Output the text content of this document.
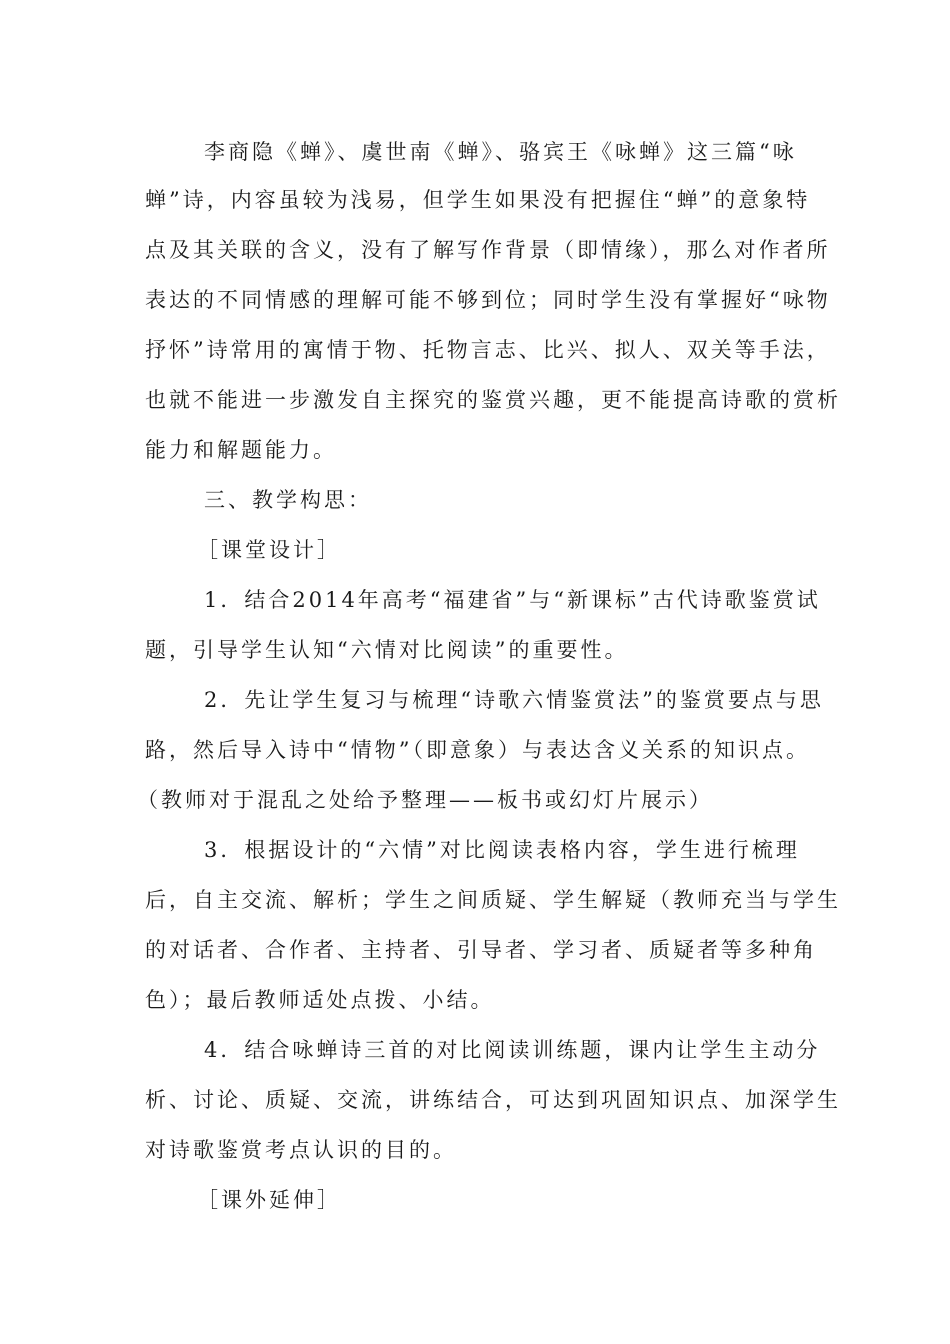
李商隐《蝉》、虞世南《蝉》、骆宾王《咏蝉》这三篇“咏
蝉”诗，内容虽较为浅易，但学生如果没有把握住“蝉”的意象特
点及其关联的含义，没有了解写作背景（即情缘），那么对作者所
表达的不同情感的理解可能不够到位；同时学生没有掌握好“咏物
抒怀”诗常用的寓情于物、托物言志、比兴、拟人、双关等手法，
也就不能进一步激发自主探究的鉴赏兴趣，更不能提高诗歌的赏析
能力和解题能力。
三、教学构思：
［课堂设计］
1．结合2014年高考“福建省”与“新课标”古代诗歌鉴赏试
题，引导学生认知“六情对比阅读”的重要性。
2．先让学生复习与梳理“诗歌六情鉴赏法”的鉴赏要点与思
路，然后导入诗中“情物”（即意象）与表达含义关系的知识点。
（教师对于混乱之处给予整理——板书或幻灯片展示）
3．根据设计的“六情”对比阅读表格内容，学生进行梳理
后，自主交流、解析；学生之间质疑、学生解疑（教师充当与学生
的对话者、合作者、主持者、引导者、学习者、质疑者等多种角
色）；最后教师适处点拨、小结。
4．结合咏蝉诗三首的对比阅读训练题，课内让学生主动分
析、讨论、质疑、交流，讲练结合，可达到巩固知识点、加深学生
对诗歌鉴赏考点认识的目的。
［课外延伸］
